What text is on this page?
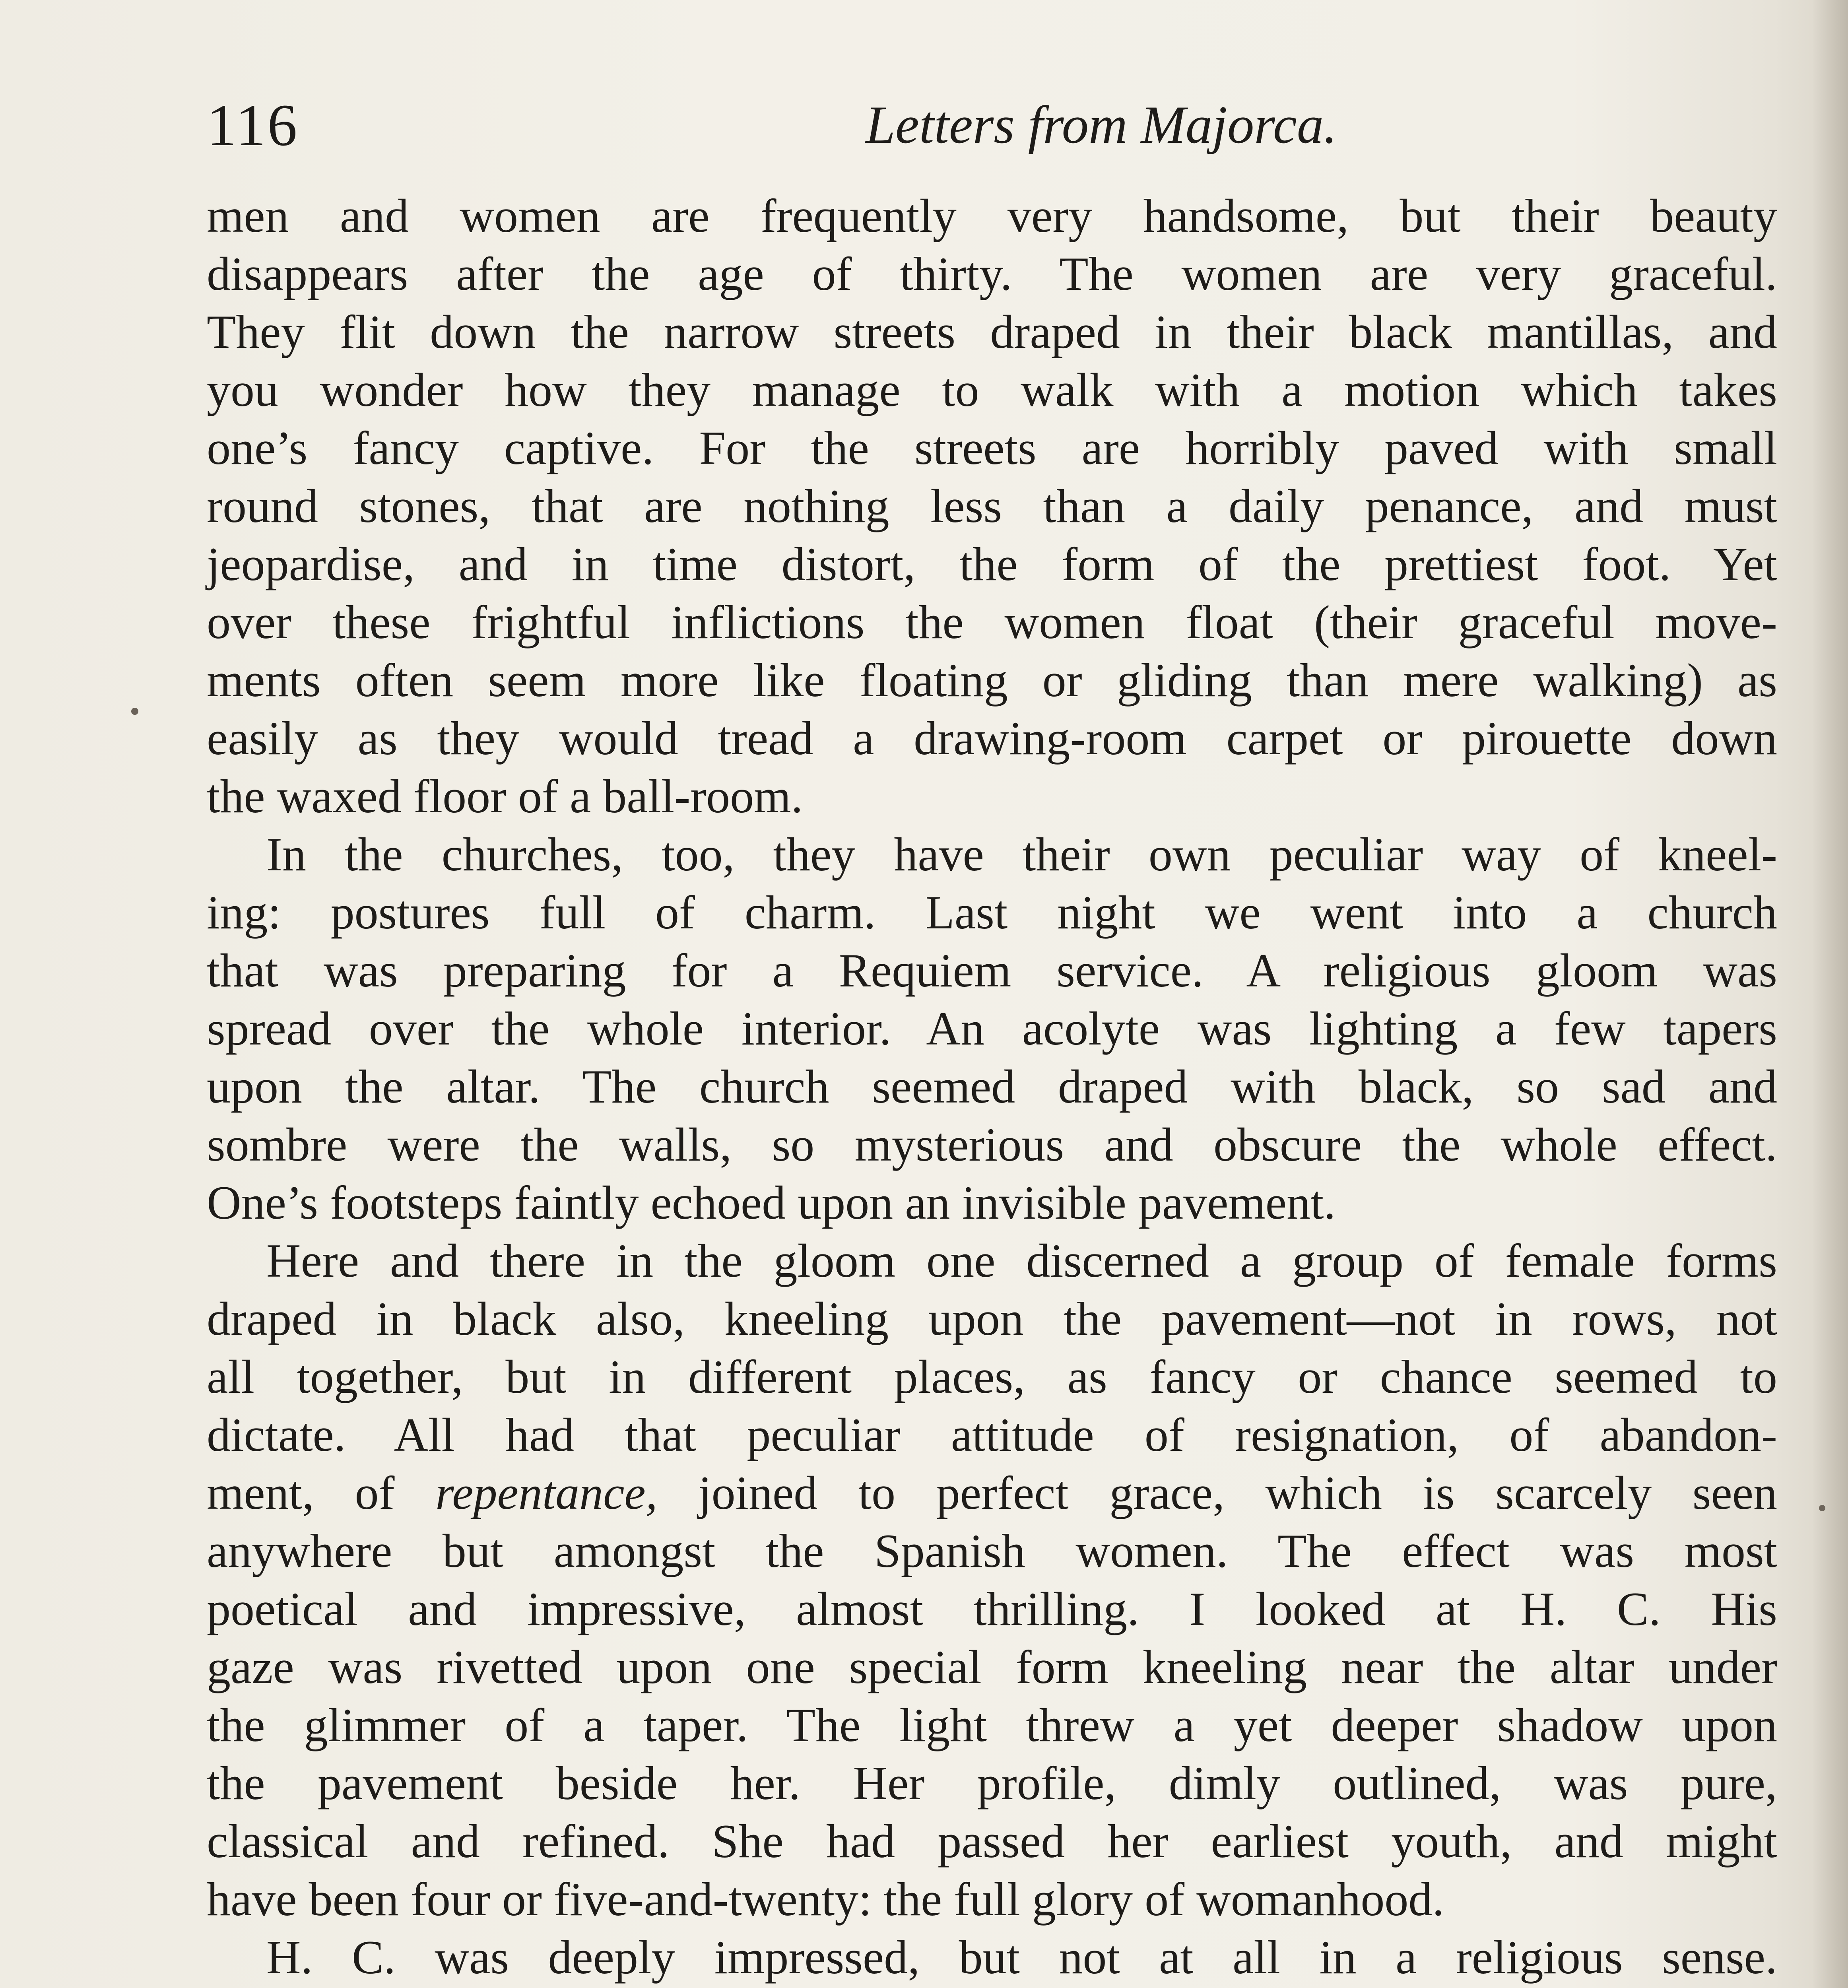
116	Letters from Majorca.
men and women are frequently very handsome, but their beauty
disappears after the age of thirty. The women are very graceful.
They flit down the narrow streets draped in their black mantillas, and
you wonder how they manage to walk with a motion which takes
one’s fancy captive. For the streets are horribly paved with small
round stones, that are nothing less than a daily penance, and must
jeopardise, and in time distort, the form of the prettiest foot. Yet
over these frightful inflictions the women float (their graceful move-
ments often seem more like floating or gliding than mere walking) as
easily as they would tread a drawing-room carpet or pirouette down
the waxed floor of a ball-room.
In the churches, too, they have their own peculiar way of kneel-
ing: postures full of charm. Last night we went into a church
that was preparing for a Requiem service. A religious gloom was
spread over the whole interior. An acolyte was lighting a few tapers
upon the altar. The church seemed draped with black, so sad and
sombre were the walls, so mysterious and obscure the whole effect.
One’s footsteps faintly echoed upon an invisible pavement.
Here and there in the gloom one discerned a group of female forms
draped in black also, kneeling upon the pavement—not in rows, not
all together, but in different places, as fancy or chance seemed to
dictate. All had that peculiar attitude of resignation, of abandon-
ment, of repentance, joined to perfect grace, which is scarcely seen
anywhere but amongst the Spanish women. The effect was most
poetical and impressive, almost thrilling. I looked at H. C. His
gaze was rivetted upon one special form kneeling near the altar under
the glimmer of a taper. The light threw a yet deeper shadow upon
the pavement beside her. Her profile, dimly outlined, was pure,
classical and refined. She had passed her earliest youth, and might
have been four or five-and-twenty: the full glory of womanhood.
H. C. was deeply impressed, but not at all in a religious sense.
